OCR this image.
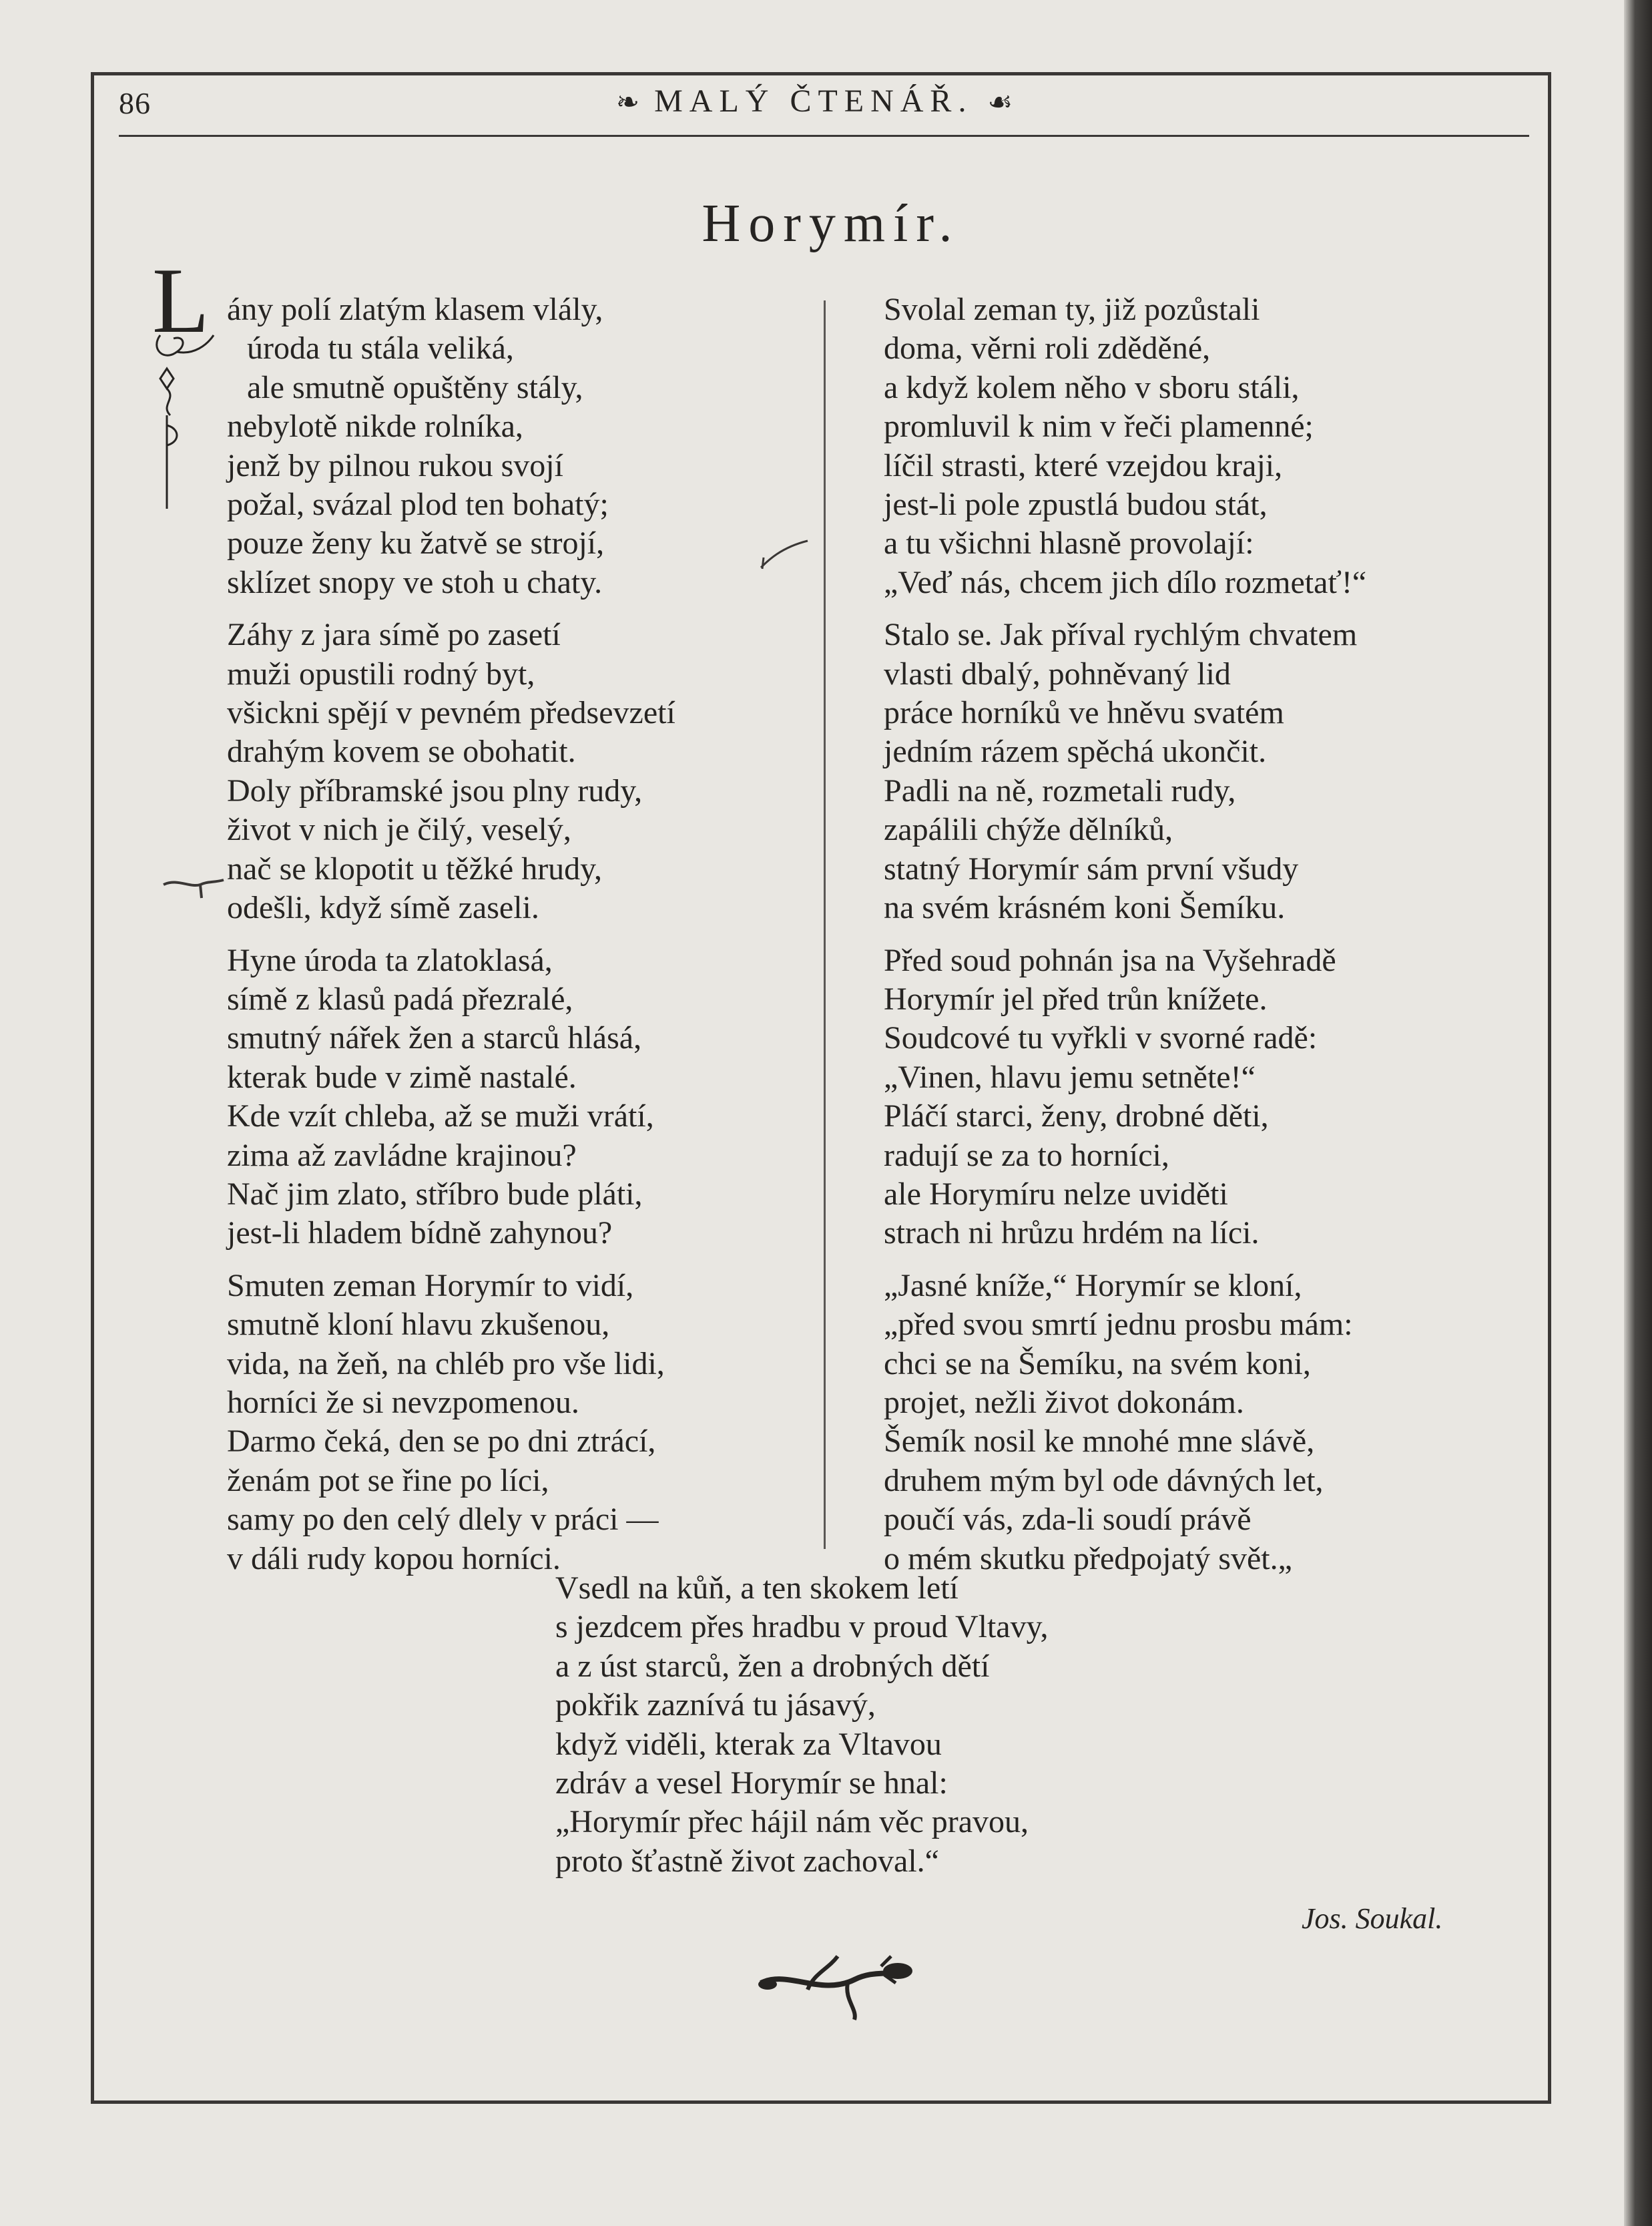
86	❧ MALÝ ČTENÁŘ. ☙
Horymír.
L ány polí zlatým klasem vlály,
úroda tu stála veliká,
ale smutně opuštěny stály,
nebylotě nikde rolníka,
jenž by pilnou rukou svojí
požal, svázal plod ten bohatý;
pouze ženy ku žatvě se strojí,
sklízet snopy ve stoh u chaty.
Záhy z jara símě po zasetí
muži opustili rodný byt,
všickni spějí v pevném předsevzetí
drahým kovem se obohatit.
Doly příbramské jsou plny rudy,
život v nich je čilý, veselý,
nač se klopotit u těžké hrudy,
odešli, když símě zaseli.
Hyne úroda ta zlatoklasá,
símě z klasů padá přezralé,
smutný nářek žen a starců hlásá,
kterak bude v zimě nastalé.
Kde vzít chleba, až se muži vrátí,
zima až zavládne krajinou?
Nač jim zlato, stříbro bude pláti,
jest-li hladem bídně zahynou?
Smuten zeman Horymír to vidí,
smutně kloní hlavu zkušenou,
vida, na žeň, na chléb pro vše lidi,
horníci že si nevzpomenou.
Darmo čeká, den se po dni ztrácí,
ženám pot se řine po líci,
samy po den celý dlely v práci —
v dáli rudy kopou horníci.
Svolal zeman ty, již pozůstali
doma, věrni roli zděděné,
a když kolem něho v sboru stáli,
promluvil k nim v řeči plamenné;
líčil strasti, které vzejdou kraji,
jest-li pole zpustlá budou stát,
a tu všichni hlasně provolají:
„Veď nás, chcem jich dílo rozmetať!“
Stalo se. Jak příval rychlým chvatem
vlasti dbalý, pohněvaný lid
práce horníků ve hněvu svatém
jedním rázem spěchá ukončit.
Padli na ně, rozmetali rudy,
zapálili chýže dělníků,
statný Horymír sám první všudy
na svém krásném koni Šemíku.
Před soud pohnán jsa na Vyšehradě
Horymír jel před trůn knížete.
Soudcové tu vyřkli v svorné radě:
„Vinen, hlavu jemu setněte!“
Pláčí starci, ženy, drobné děti,
radují se za to horníci,
ale Horymíru nelze uviděti
strach ni hrůzu hrdém na líci.
„Jasné kníže,“ Horymír se kloní,
„před svou smrtí jednu prosbu mám:
chci se na Šemíku, na svém koni,
projet, nežli život dokonám.
Šemík nosil ke mnohé mne slávě,
druhem mým byl ode dávných let,
poučí vás, zda-li soudí právě
o mém skutku předpojatý svět.„
Vsedl na kůň, a ten skokem letí
s jezdcem přes hradbu v proud Vltavy,
a z úst starců, žen a drobných dětí
pokřik zaznívá tu jásavý,
když viděli, kterak za Vltavou
zdráv a vesel Horymír se hnal:
„Horymír přec hájil nám věc pravou,
proto šťastně život zachoval.“
Jos. Soukal.
